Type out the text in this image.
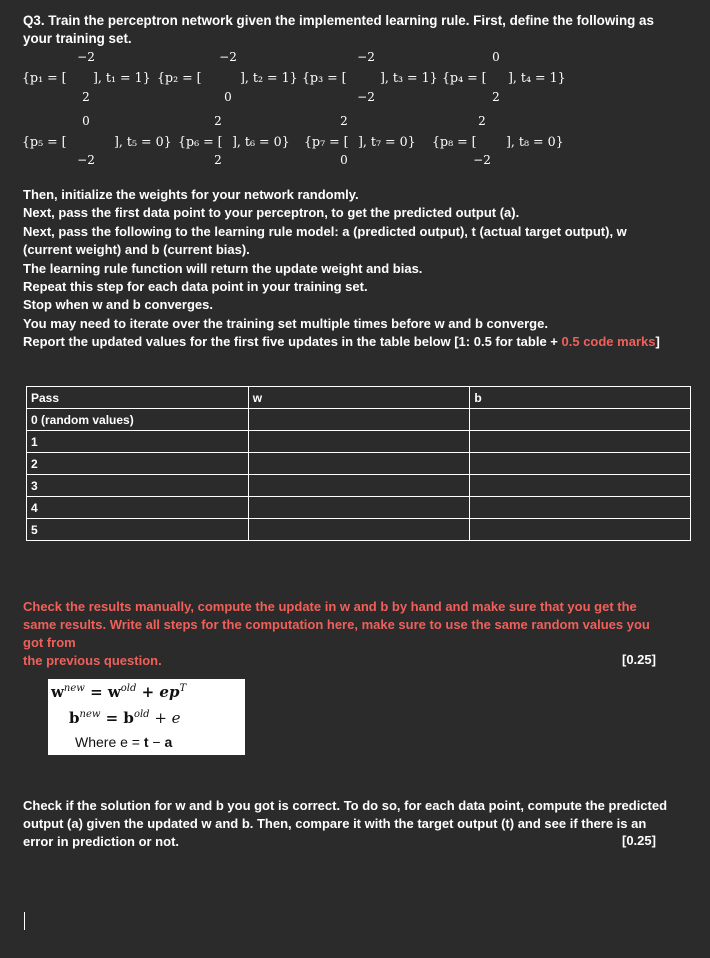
Q3. Train the perceptron network given the implemented learning rule. First, define the following as
your training set.
−2
{p₁ = [
2
], t₁ = 1}
−2
{p₂ = [
0
], t₂ = 1}
−2
{p₃ = [
−2
], t₃ = 1}
0
{p₄ = [
2
], t₄ = 1}
0
{p₅ = [
−2
], t₅ = 0}
2
{p₆ = [
2
], t₆ = 0}
2
{p₇ = [
0
], t₇ = 0}
2
{p₈ = [
−2
], t₈ = 0}
Then, initialize the weights for your network randomly.
Next, pass the first data point to your perceptron, to get the predicted output (a).
Next, pass the following to the learning rule model: a (predicted output), t (actual target output), w
(current weight) and b (current bias).
The learning rule function will return the update weight and bias.
Repeat this step for each data point in your training set.
Stop when w and b converges.
You may need to iterate over the training set multiple times before w and b converge.
Report the updated values for the first five updates in the table below [1: 0.5 for table + 0.5 code marks]
Pass	w	b
0 (random values)		
1		
2		
3		
4		
5		
Check the results manually, compute the update in w and b by hand and make sure that you get the
same results. Write all steps for the computation here, make sure to use the same random values you
got from
the previous question.	[0.25]
$w^{new} = w^{old} + ep^T$
$b^{new} = b^{old} + e$
Where e = t − a
Check if the solution for w and b you got is correct. To do so, for each data point, compute the predicted
output (a) given the updated w and b. Then, compare it with the target output (t) and see if there is an
error in prediction or not.	[0.25]
